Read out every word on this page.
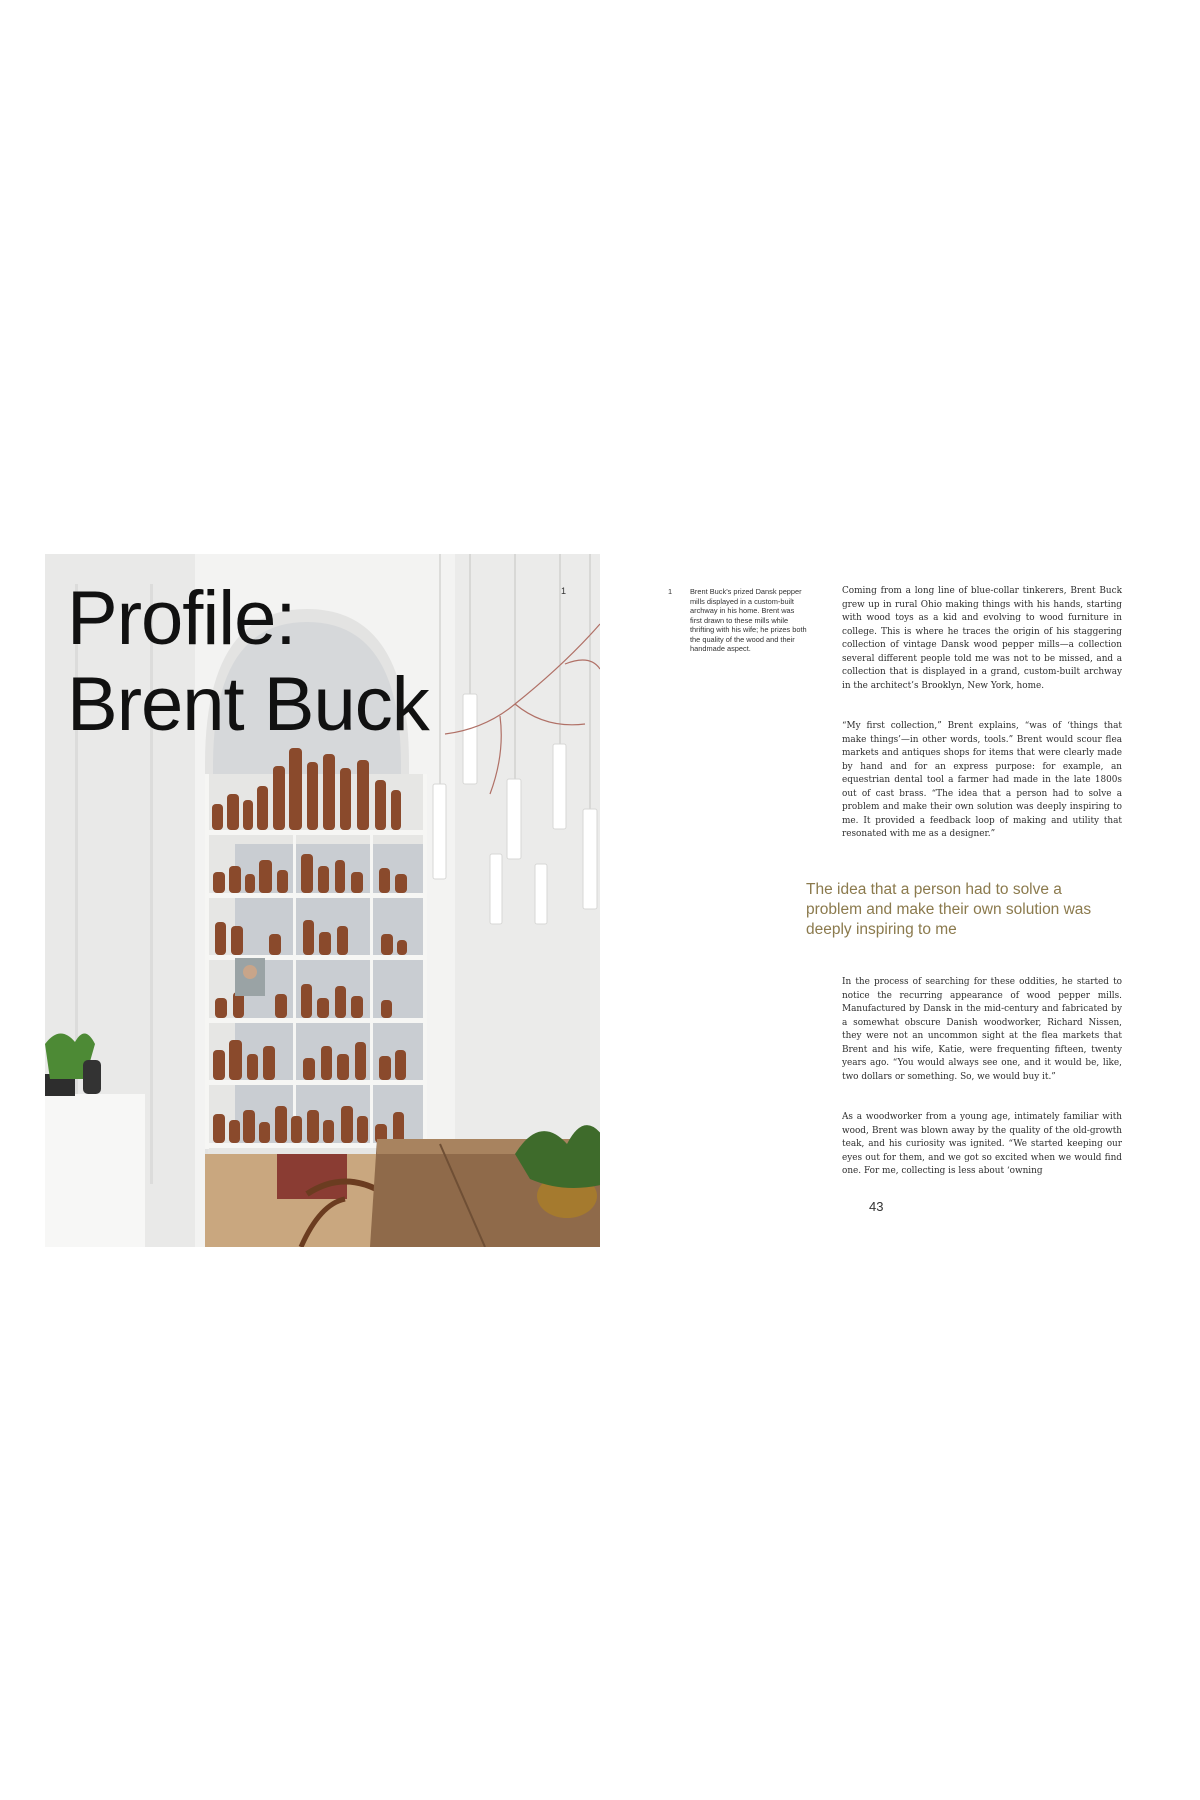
Profile:
Brent Buck
1	1 Brent Buck’s prized Dansk pepper mills displayed in a custom-built archway in his home. Brent was first drawn to these mills while thrifting with his wife; he prizes both the quality of the wood and their handmade aspect.

Coming from a long line of blue-collar tinkerers, Brent Buck grew up in rural Ohio making things with his hands, starting with wood toys as a kid and evolving to wood furniture in college. This is where he traces the origin of his staggering collection of vintage Dansk wood pepper mills—a collection several different people told me was not to be missed, and a collection that is displayed in a grand, custom-built archway in the architect’s Brooklyn, New York, home.

“My first collection,” Brent explains, “was of ‘things that make things’—in other words, tools.” Brent would scour flea markets and antiques shops for items that were clearly made by hand and for an express purpose: for example, an equestrian dental tool a farmer had made in the late 1800s out of cast brass. “The idea that a person had to solve a problem and make their own solution was deeply inspiring to me. It provided a feedback loop of making and utility that resonated with me as a designer.”

The idea that a person had to solve a problem and make their own solution was deeply inspiring to me

In the process of searching for these oddities, he started to notice the recurring appearance of wood pepper mills. Manufactured by Dansk in the mid-century and fabricated by a somewhat obscure Danish woodworker, Richard Nissen, they were not an uncommon sight at the flea markets that Brent and his wife, Katie, were frequenting fifteen, twenty years ago. “You would always see one, and it would be, like, two dollars or something. So, we would buy it.”

As a woodworker from a young age, intimately familiar with wood, Brent was blown away by the quality of the old-growth teak, and his curiosity was ignited. “We started keeping our eyes out for them, and we got so excited when we would find one. For me, collecting is less about ‘owning

43
